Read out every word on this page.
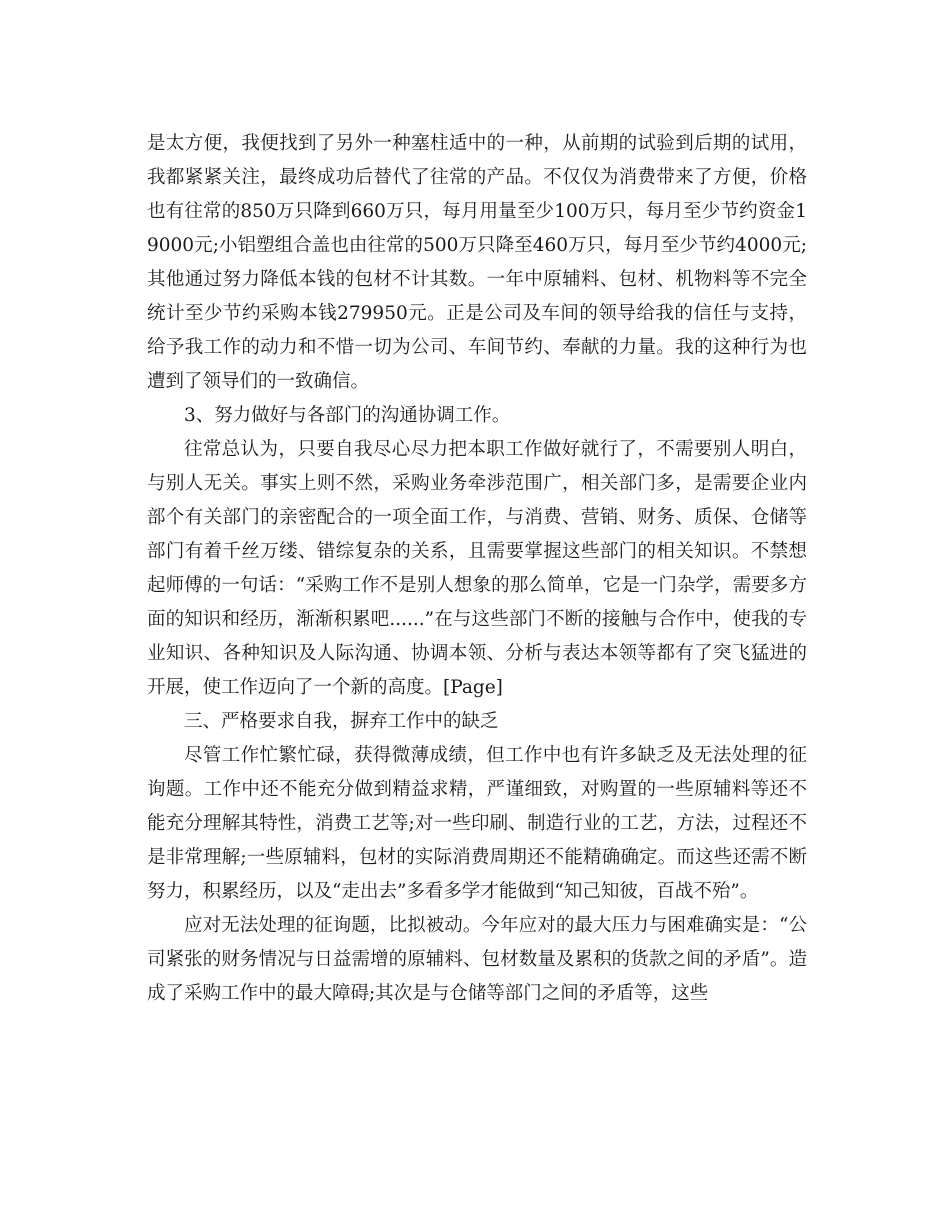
是太方便，我便找到了另外一种塞柱适中的一种，从前期的试验到后期的试用，我都紧紧关注，最终成功后替代了往常的产品。不仅仅为消费带来了方便，价格也有往常的850万只降到660万只，每月用量至少100万只，每月至少节约资金19000元;小铝塑组合盖也由往常的500万只降至460万只，每月至少节约4000元;其他通过努力降低本钱的包材不计其数。一年中原辅料、包材、机物料等不完全统计至少节约采购本钱279950元。正是公司及车间的领导给我的信任与支持，给予我工作的动力和不惜一切为公司、车间节约、奉献的力量。我的这种行为也遭到了领导们的一致确信。

3、努力做好与各部门的沟通协调工作。

往常总认为，只要自我尽心尽力把本职工作做好就行了，不需要别人明白，与别人无关。事实上则不然，采购业务牵涉范围广，相关部门多，是需要企业内部个有关部门的亲密配合的一项全面工作，与消费、营销、财务、质保、仓储等部门有着千丝万缕、错综复杂的关系，且需要掌握这些部门的相关知识。不禁想起师傅的一句话：“采购工作不是别人想象的那么简单，它是一门杂学，需要多方面的知识和经历，渐渐积累吧......”在与这些部门不断的接触与合作中，使我的专业知识、各种知识及人际沟通、协调本领、分析与表达本领等都有了突飞猛进的开展，使工作迈向了一个新的高度。[Page]

三、严格要求自我，摒弃工作中的缺乏

尽管工作忙繁忙碌，获得微薄成绩，但工作中也有许多缺乏及无法处理的征询题。工作中还不能充分做到精益求精，严谨细致，对购置的一些原辅料等还不能充分理解其特性，消费工艺等;对一些印刷、制造行业的工艺，方法，过程还不是非常理解;一些原辅料，包材的实际消费周期还不能精确确定。而这些还需不断努力，积累经历，以及“走出去”多看多学才能做到“知己知彼，百战不殆”。

应对无法处理的征询题，比拟被动。今年应对的最大压力与困难确实是：“公司紧张的财务情况与日益需增的原辅料、包材数量及累积的货款之间的矛盾”。造成了采购工作中的最大障碍;其次是与仓储等部门之间的矛盾等，这些
